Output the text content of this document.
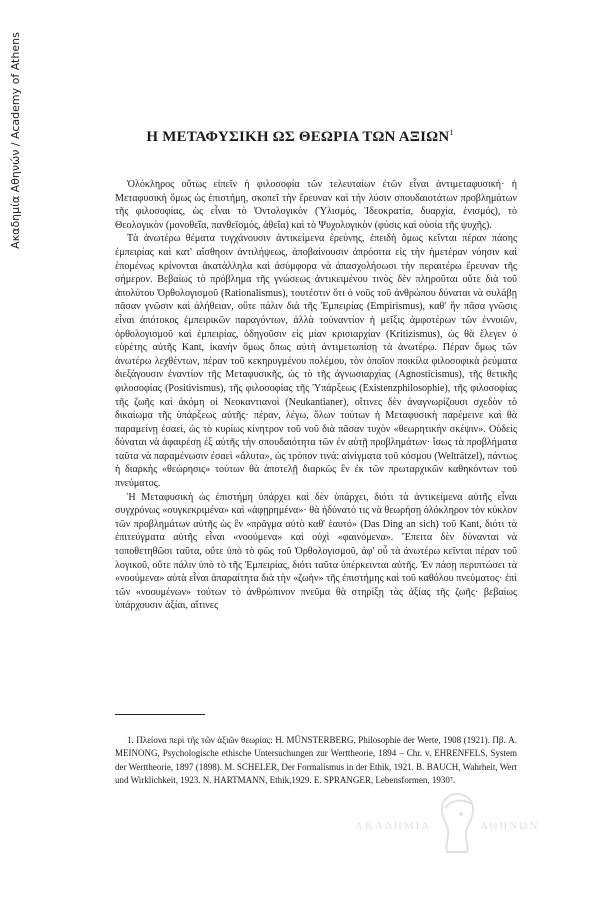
Ακαδημία Αθηνών / Academy of Athens	Η ΜΕΤΑΦΥΣΙΚΗ ΩΣ ΘΕΩΡΙΑ ΤΩΝ ΑΞΙΩΝ$^1$

Ὁλόκληρος οὕτως εἰπεῖν ἡ φιλοσοφία τῶν τελευταίων ἐτῶν εἶναι ἀντιμεταφυσική· ἡ Μεταφυσικὴ ὅμως ὡς ἐπιστήμη, σκοπεῖ τὴν ἔρευναν καὶ τὴν λύσιν σπουδαιοτάτων προβλημάτων τῆς φιλοσοφίας, ὡς εἶναι τὸ Ὀντολογικὸν (Ὑλισμός, Ἰδεοκρατία, δυαρχία, ἑνισμός), τὸ Θεολογικὸν (μονοθεΐα, πανθεϊσμός, ἀθεΐα) καὶ τὸ Ψυχολογικὸν (φύσις καὶ οὐσία τῆς ψυχῆς).

Τὰ ἀνωτέρω θέματα τυγχάνουσιν ἀντικείμενα ἐρεύνης, ἐπειδὴ ὅμως κεῖνται πέραν πάσης ἐμπειρίας καὶ κατ' αἴσθησιν ἀντιλήψεως, ἀποβαίνουσιν ἀπρόσιτα εἰς τὴν ἡμετέραν νόησιν καὶ ἑπομένως κρίνονται ἀκατάλληλα καὶ ἀσύμφορα νὰ ἀπασχολήσωσι τὴν περαιτέρω ἔρευναν τῆς σήμερον. Βεβαίως τὸ πρόβλημα τῆς γνώσεως ἀντικειμένου τινὸς δὲν πληροῦται οὔτε διὰ τοῦ ἀπολύτου Ὀρθολογισμοῦ (Rationalismus), τουτέστιν ὅτι ὁ νοῦς τοῦ ἀνθρώπου δύναται νὰ συλάβῃ πᾶσαν γνῶσιν καὶ ἀλήθειαν, οὔτε πάλιν διὰ τῆς Ἐμπειρίας (Empirismus), καθ' ἣν πᾶσα γνῶσις εἶναι ἀπότοκος ἐμπειρικῶν παραγόντων, ἀλλὰ τοὐναντίον ἡ μεῖξις ἀμφοτέρων τῶν ἐννοιῶν, ὀρθολογισμοῦ καὶ ἐμπειρίας, ὁδηγοῦσιν εἰς μίαν κρισιαρχίαν (Kritizismus), ὡς θὰ ἔλεγεν ὁ εὑρέτης αὐτῆς Kant, ἱκανὴν ὅμως ὅπως αὐτὴ ἀντιμετωπίσῃ τὰ ἀνωτέρω. Πέραν ὅμως τῶν ἀνωτέρω λεχθέντων, πέραν τοῦ κεκηρυγμένου πολέμου, τὸν ὁποῖον ποικίλα φιλοσοφικὰ ῥεύματα διεξάγουσιν ἐναντίον τῆς Μεταφυσικῆς, ὡς τὸ τῆς ἀγνωσιαρχίας (Agnosticismus), τῆς θετικῆς φιλοσοφίας (Positivismus), τῆς φιλοσοφίας τῆς Ὑπάρξεως (Existenzphilosophie), τῆς φιλοσοφίας τῆς ζωῆς καὶ ἀκόμη οἱ Νεοκαντιανοὶ (Neukantianer), οἵτινες δὲν ἀναγνωρίζουσι σχεδὸν τὸ δικαίωμα τῆς ὑπάρξεως αὐτῆς· πέραν, λέγω, ὅλων τούτων ἡ Μεταφυσικὴ παρέμεινε καὶ θὰ παραμείνῃ ἐσαεί, ὡς τὸ κυρίως κίνητρον τοῦ νοῦ διὰ πᾶσαν τυχὸν «θεωρητικὴν σκέψιν». Οὐδεὶς δύναται νὰ ἀφαιρέσῃ ἐξ αὐτῆς τὴν σπουδαιότητα τῶν ἐν αὐτῇ προβλημάτων· ἴσως τὰ προβλήματα ταῦτα νὰ παραμένωσιν ἐσαεὶ «ἄλυτα», ὡς τρόπον τινά: αἰνίγματα τοῦ κόσμου (Welträtzel), πάντως ἡ διαρκὴς «θεώρησις» τούτων θὰ ἀποτελῇ διαρκῶς ἓν ἐκ τῶν πρωταρχικῶν καθηκόντων τοῦ πνεύματος.

Ἡ Μεταφυσικὴ ὡς ἐπιστήμη ὑπάρχει καὶ δὲν ὑπάρχει, διότι τὰ ἀντικείμενα αὐτῆς εἶναι συγχρόνως «συγκεκριμένα» καὶ «ἀφῃρημένα»· θὰ ἠδύνατό τις νὰ θεωρήσῃ ὁλόκληρον τὸν κύκλον τῶν προβλημάτων αὐτῆς ὡς ἓν «πρᾶγμα αὐτὸ καθ' ἑαυτό» (Das Ding an sich) τοῦ Kant, διότι τὰ ἐπιτεύγματα αὐτῆς εἶναι «νοούμενα» καὶ οὐχὶ «φαινόμενα». Ἔπειτα δὲν δύνανται νὰ τοποθετηθῶσι ταῦτα, οὔτε ὑπὸ τὸ φῶς τοῦ Ὀρθολογισμοῦ, ἀφ' οὗ τὰ ἀνωτέρω κεῖνται πέραν τοῦ λογικοῦ, οὔτε πάλιν ὑπὸ τὸ τῆς Ἐμπειρίας, διότι ταῦτα ὑπέρκεινται αὐτῆς. Ἐν πάσῃ περιπτώσει τὰ «νοούμενα» αὐτὰ εἶναι ἀπαραίτητα διὰ τὴν «ζωὴν» τῆς ἐπιστήμης καὶ τοῦ καθόλου πνεύματος· ἐπὶ τῶν «νοουμένων» τούτων τὸ ἀνθρώπινον πνεῦμα θὰ στηρίξῃ τὰς ἀξίας τῆς ζωῆς· βεβαίως ὑπάρχουσιν ἀξίαι, αἵτινες

1. Πλείονα περὶ τῆς τῶν ἀξιῶν θεωρίας: H. MÜNSTERBERG, Philosophie der Werte, 1908 (1921). Πβ. A. MEINONG, Psychologische ethische Untersuchungen zur Werttheorie, 1894 – Chr. v. EHRENFELS, System der Werttheorie, 1897 (1898). M. SCHELER, Der Formalismus in der Ethik, 1921. B. BAUCH, Wahrheit, Wert und Wirklichkeit, 1923. N. HARTMANN, Ethik,1929. E. SPRANGER, Lebensformen, 1930⁷.

ΑΚΑΔΗΜΙΑ	ΑΘΗΝΩΝ
